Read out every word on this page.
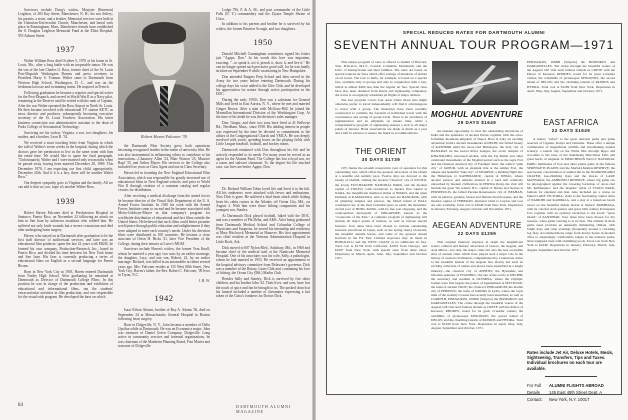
Survivors include Doug's widow, Marjorie (Emerson) Leighton, of 283 Kay Street, Manchester, N. H.; his son Jeffrey; his parents, a sister, and a brother. Memorial services were held at the Unitarian-Universalist Church, Manchester, and burial took place in Framingham, Mass. Manchester friends have established the S. Douglas Leighton Memorial Fund at the Elliot Hospital, 955 Auburn Street.

1937

Walter William Ross died October 5, 1970 at his home in St. Louis, Mo., after a long battle with an inoperable tumor. He was the son of the late Charles G. Ross, former chief of the St. Louis Post-Dispatch Washington Bureau and press secretary to President Harry S. Truman. Walter came to Dartmouth from Western High School, Washington, D. C., and was on the freshman lacrosse and swimming teams. He majored in French.

Following graduation he became a reporter and special writer for the Post-Dispatch, and served in World War II as a Navy pilot, remaining in the Reserve until he retired with the rank of Captain. After the war Walter operated the Ross Airport in North St. Louis. He then became involved with educational TV station KETC as news director and producer, subsequently becoming executive secretary of the St. Louis Teachers Association. His latest business connection was administrative assistant to the dean of Parks College of Aeronautical Technology.

Surviving are his widow, Virginia, a son, two daughters, his mother, and a brother, Leon R. '33.

We received a most touching letter from Virginia in which she told of Walter's seven weeks in the hospital, during which the doctors gave her permission to live in the same room with him the entire time. We would like to quote her final paragraph, "Unfortunately, Walter and I were married only ten months when he passed away, having been married December 20, 1969. This December 1970, I am expecting our first child, appropriately, December 20th. And if it is a boy, there will be another Walter Ross."

Our deepest sympathy goes to Virginia and the family. All we can add is that we, too, hope it's another Walter Ross.

1939

Robert Haven Falconer died at Presbyterian Hospital in Santurce, Puerto Rico, on November 22 following an attack on him in San Juan by unknown assailants who robbed him. He suffered not only knife wounds but a severe concussion and died after undergoing brain surgery.

Haven, who stayed on at Dartmouth after graduation to be the first staff director of audiovisual services, and later was an educational film producer, spent the last 22 years with MGM, he formed his own company, Production-Research, Inc., based in Puerto Rico, and divided his time between his New York home and San Juan. His firm is currently producing a series of educational films on English as a second language for Puerto Ricans.

Born in New York City in 1918, Haven entered Dartmouth from Nutley High School. After graduating he remained at Dartmouth as Director of Dartmouth College Films. In this position he was in charge of the production and exhibition of educational and informational films, ran the students' extracurricular activities in film production, and was responsible for the visual-aids program. He developed the base on which

Robert Haven Falconer '39

the Dartmouth Film Society grew, both operations becoming recognized leaders in the realm of university film. He was also instrumental in influencing others to contribute to his innovations—Chauncey Allen '24, Blair Watson '25, Maurice Rapf '35, and Arthur Mayer. His services to the College also included five years as Class Agent and one in Class Secretary.

Haven led in founding the New England Educational Film Association, which was responsible for greatly increased use of educational films in New England schools, and prior to World War II through creation of a common catalog and regular circuits for distribution.

After receiving a medical discharge from the armed forces he became director of the Visual Aids Department of the U. S. Armed Forces Institute. In 1945 his work with the Armed Forces Institute came to an end and he became associated with Metro-Goldwyn-Mayer in that company's program for worldwide distribution of educational and fact films outside the United States. He believed that such films could better promote world peace through public education and enlightenment if they were adapted to meet each country's needs. Under his direction films were distributed in 100 countries. He became a close associate of Orton H. Hicks '21, later Vice President of the College, during their tenures at Loew's-MGM.

Survivors include Haven's widow, the former Vera Knoll, whom he married a year ago; two sons by an earlier marriage, the daughter, Lucy, and one son, Robert, 22, by an earlier marriage. Richard, was killed in an automobile accident several years ago. Mrs. Falconer resides at 155 West 68th Street, New York City. Haven's father, the Rev. Robert C. Falconer, '09 lives in Tryon, N.C.

J. B. W.
1942

Isaac Edwin Ahearn, brother of Roy A. Adams '36, died on September 24 at Massachusetts General Hospital in Boston following heart surgery.

Born in Dolgeville, N. Y., John became a member of Delta Upsilon while at Dartmouth. He was an Economics major. John was treasurer of Daniel Green Company, Dolgeville. Long active in community services and fraternal organizations, he was chairman of the Manheim Planning Board, Past Master and treasurer of Dolgeville

Lodge 796, F. & A. M., and past commander of the Little Falls (N. Y.) commandery and the Ziyara Temple Shrine of Utica.

In addition to his parents and brother he is survived by his widow, the former Beatrice Scough, and two daughters.

1950

Donald Mitchell Cunningham sometimes signed his letters just "Agape, Don." In his words this love was impatient, exacting: "...to speak it, act it, preach it, show it, and live it." He can no longer spread such pervasive good will, for he was fatally stricken on September 8 while vacationing in New Hampshire.

Don attended Rutgers Prep School and then served in the Army for two years before entering Dartmouth. During his college days his voice added to the Glee Club, and he developed his appreciation for nature through active participation in the DOC.

During the early 1950's Don was a salesman for General Mills and lived in East Aurora, N. Y., where he met and married Ginger Brown. After a stint with McGraw-Hill, he joined the Macmillan International Division of the Worthington Corp. At the time of his death he was the division's sales manager.

Don, Ginger, and their two sons have lived at 41 Bellevue Rd., Needham, Mass., since 1958. His abiding interest in people was expressed by the time he devoted to commitment to the affairs of the Congregational Church and YMCA. He was deeply involved with youth, spending hours on the playing fields with Little League baseball, football, and hockey teams.

Dartmouth remained with Don throughout his life and he actively responded to its needs. For many years he served as an agent for the Alumni Fund. The College has lost a loyal son, we a warm and stalwart classmate. To the degree his life touched ours, our lives are better. Agape, Don.

Dr. Richard William Tobin loved life and lived it to the hilt. All his endeavors were attacked with fervor and enthusiasm. Now Dick is gone. He suffered a fatal heart attack while fishing from his cabin cruiser in the Atlantic off Ocean City, Md., on August 2. With him were those fishing companions and his youngest son, Stanley.

At Dartmouth Dick played football, hiked with the DOC, and was a member of Phi Delta, and AKK. After being graduated from Dartmouth Medical School and Columbia College of Physicians and Surgeons, he served his internship and residency at Mary Hitchcock Memorial in Hanover. His first appointment was chief resident at the Veterans Administration Hospital in Little Rock, Ark.

Dick moved to 607 Nylon Blvd., Salisbury, Md., in 1960 and became chief of the medical staff at the Nanticoke Memorial Hospital. One of his associates was his wife, Sally, a pathologist, whom he had married in 1953. He received an appointment to the hospital advisory committee from Delaware's governor. Dick was a member of the Rotary, Lions Club and, continuing his love of fishing, the Ocean City (Md.) Marlin Club.

Besides Sally and Stanley, Dick is survived by five other children, and his brother John '42. Their lives, and ours, have lost the touch of spice and fun he brought to us. The packed church at his funeral included a number of classmates expressing a last token of the Class's fondness for Doctor Dick.

84	DARTMOUTH ALUMNI MAGAZINE
SPECIAL REDUCED RATES FOR DARTMOUTH ALUMNI
SEVENTH ANNUAL TOUR PROGRAM—1971

This unique program of tours is offered to alumni of Harvard, Yale, Princeton, M.I.T., Cornell, Columbia, Dartmouth, and the Univ. of Pennsylvania and their families. The tours are based on special reduced air fares which offer savings of hundreds of dollars on air travel. The tour to India, for example, is based on a special fare, available only to groups and only in conjunction with a tour, which is almost $400 less than the regular air fare. Special rates have also been obtained from hotels and sightseeing companies. Air travel is on regularly scheduled jet flights of major airlines.

The tour program covers four areas where those who might otherwise prefer to travel independently will find it advantageous to travel with a group. The itineraries have been carefully constructed to combine the freedom of individual travel with the convenience and saving of group travel. There is an avoidance of regimentation and an emphasis on leisure time, while a comprehensive program of sightseeing ensures a visit to all major points of interest. Hotel reservations are made as much as a year and a half in advance to ensure the finest in accommodations.

THE ORIENT
30 DAYS $1739

1971 marks the seventh consecutive year of operation for this outstanding tour, which offers the greatest attractions of the Orient at a sensible and realistic pace. Twelve days are devoted to the beauty of JAPAN, visiting the ancient "classical" city of KYOTO, the lovely FUJI-HAKONE NATIONAL PARK, and the modern capital of TOKYO, with excursions to Japan's first capital at NARA, the magnificent medieval shrine at NIKKO, and the giant Daibutsu at KAMAKURA. Also to be seen are BANGKOK, with its glittering temples and palaces, the fabled island of BALI, considered one of the most beautiful spots on earth, the mountain-circled port of HONG KONG, with its free port shopping, and the cosmopolitan metropolis of SINGAPORE, known as the "crossroads of the East." A complete program of sightseeing will include all major points of interest, as well as various special features. Tour dates have been chosen to include outstanding seasonal attractions in Japan, such as the spring cherry blossoms, the beautiful autumn leaves, and some of the greatest annual festivals in the Far East. Limited stopovers may be made in HONOLULU and the WEST COAST at no additional air fare. Total cost is $1739 from California, $1932 from Chicago, and $1997 from New York, with special rates from other cities. Departures in March, April, June, July, September and October 1971.

MOGHUL ADVENTURE
29 DAYS $1649

An unusual opportunity to view the outstanding attractions of India and the splendors of ancient Persia, together with the once-forbidden mountain kingdom of Nepal. Here is truly an exciting adventure: India's ancient monuments in DELHI, the fabled beauty of KASHMIR amid the snow-clad Himalayas, the holy city of BANARAS on the sacred River Ganges, the erotic temples of KHAJURAHO, renowned AGRA, with the Taj Mahal and other celebrated monuments of the Moghul period such as the Agra Fort and the fabulous deserted city of Fatehpur Sikri, the walled "pink city" of JAIPUR, with an elephant ride at the Amber Fort, the unique and beautiful "lake city" of UDAIPUR, a thrilling flight into the Himalayas to KATHMANDU, capital of NEPAL, where ancient palaces and temples abound in a land still relatively untouched by modern civilization. In PERSIA (Iran), the visit will include the great 5th century B.C. capital of Darius and Xerxes at PERSEPOLIS, the fabled Persian Renaissance city of ISFAHAN, with its palaces, gardens, bazaar and famous tiled mosques, and the modern capital of TEHERAN. Optional visits to Ceylon and Goa are also available. Total cost is $1649 from New York. Departures in January, February, August, October and November 1971.

AEGEAN ADVENTURE
22 DAYS $1299

This original itinerary explores in depth the magnificent scenic, cultural and historic attractions of Greece, the Aegean, and Asia Minor—not only the major cities but also the less accessible sites of ancient cities which have played such a major role in the history of western civilization, complemented by a luxurious cruise to the beautiful islands of the Aegean Sea. Rarely has such an exciting collection of names and places been assembled in a single itinerary—the classical city of ATHENS; the Byzantine and Ottoman splendor of ISTANBUL; the site of the oracle at DELPHI; the sanctuary and stadium at OLYMPIA, where the Olympic Games were first begun; the palace of Agamemnon at MYCENAE; the ruins of ancient TROY; the citadel of PERGAMUM; the marble city of EPHESUS; the ruins of SARDIS in Lydia, where the royal mint of the wealthy Croesus has recently been unearthed; as well as CORINTH, EPIDAUROS, IZMIR (Smyrna) the BOSPORUS and DARDANELLES. The cruise through the beautiful waters of the Aegean will visit such famous islands as CRETE with the Palace of Knossos; RHODES, noted for its great Crusader castles; the windmills of picturesque MYKONOS; the sacred island of DELOS; and the charming islands of PATMOS and HYDRA. Total cost is $1299 from New York. Departures in April, May, July, August, September and October, 1971.

EPIDAUROS, IZMIR (Smyrna) the BOSPORUS and DARDANELLES. The cruise through the beautiful waters of the Aegean will visit such famous islands as CRETE with the Palace of Knossos; RHODES, noted for its great Crusader castles; the windmills of picturesque MYKONOS; the sacred island of DELOS; and the charming islands of PATMOS and HYDRA. Total cost is $1299 from New York. Departures in April, May, July, August, September and October, 1971.

EAST AFRICA
22 DAYS $1649

A luxury "safari" to the great national parks and game reserves of Uganda, Kenya and Tanzania. These offer a unique combination of magnificent wildlife and breathtaking natural scenery: a launch trip on the White Nile through hippo and crocodile to the base of the thundering Murchison Falls and great herds of elephant in MURCHISON FALLS NATIONAL PARK; multitudes of lion and other plains game in the famous SERENGETI PLAINS and the MASAI-MARA RESERVE; the spectacular concentration of animal life in the NGORONGORO CRATER; tree-climbing lions and the shores of LAKE MANYARA; the AMBOSELI RESERVE, where big game can be photographed against the towering backdrop of snow-clad Mt. Kilimanjaro; and the majestic wilds of TSAVO PARK, famous for elephant and lion. Also included are a cruise on famed LAKE VICTORIA, visits to the fascinating capital cities of NAIROBI and KAMPALA, and a stay at a luxurious beach resort on the beautiful Indian Ocean at historic MOMBASA, with its colorful Arab quarter and great 16th century Portuguese fort, together with an optional excursion to the exotic "spice island" of ZANZIBAR. Tour dates have been chosen for dry seasons, when game viewing is at its best. The altitude in most game areas provides an unusually stimulating climate, with bright days and crisp evenings (frequently around a crackling log fire). Accommodations range from luxury hotels in modern cities to surprisingly comfortable lodges in the national parks, most equipped even with swimming pools. Total cost from New York is $1649. Departures in January, February, March, July, August, September and October 1971.

Rates include Jet Air, Deluxe Hotels, Meals, Sightseeing, Transfers, Tips and Taxes. Individual brochures on each tour are available.
For Full	ALUMNI FLIGHTS ABROAD
Details	145 East 49th Street Dept. A
Contact:	New York, N.Y. 10017
